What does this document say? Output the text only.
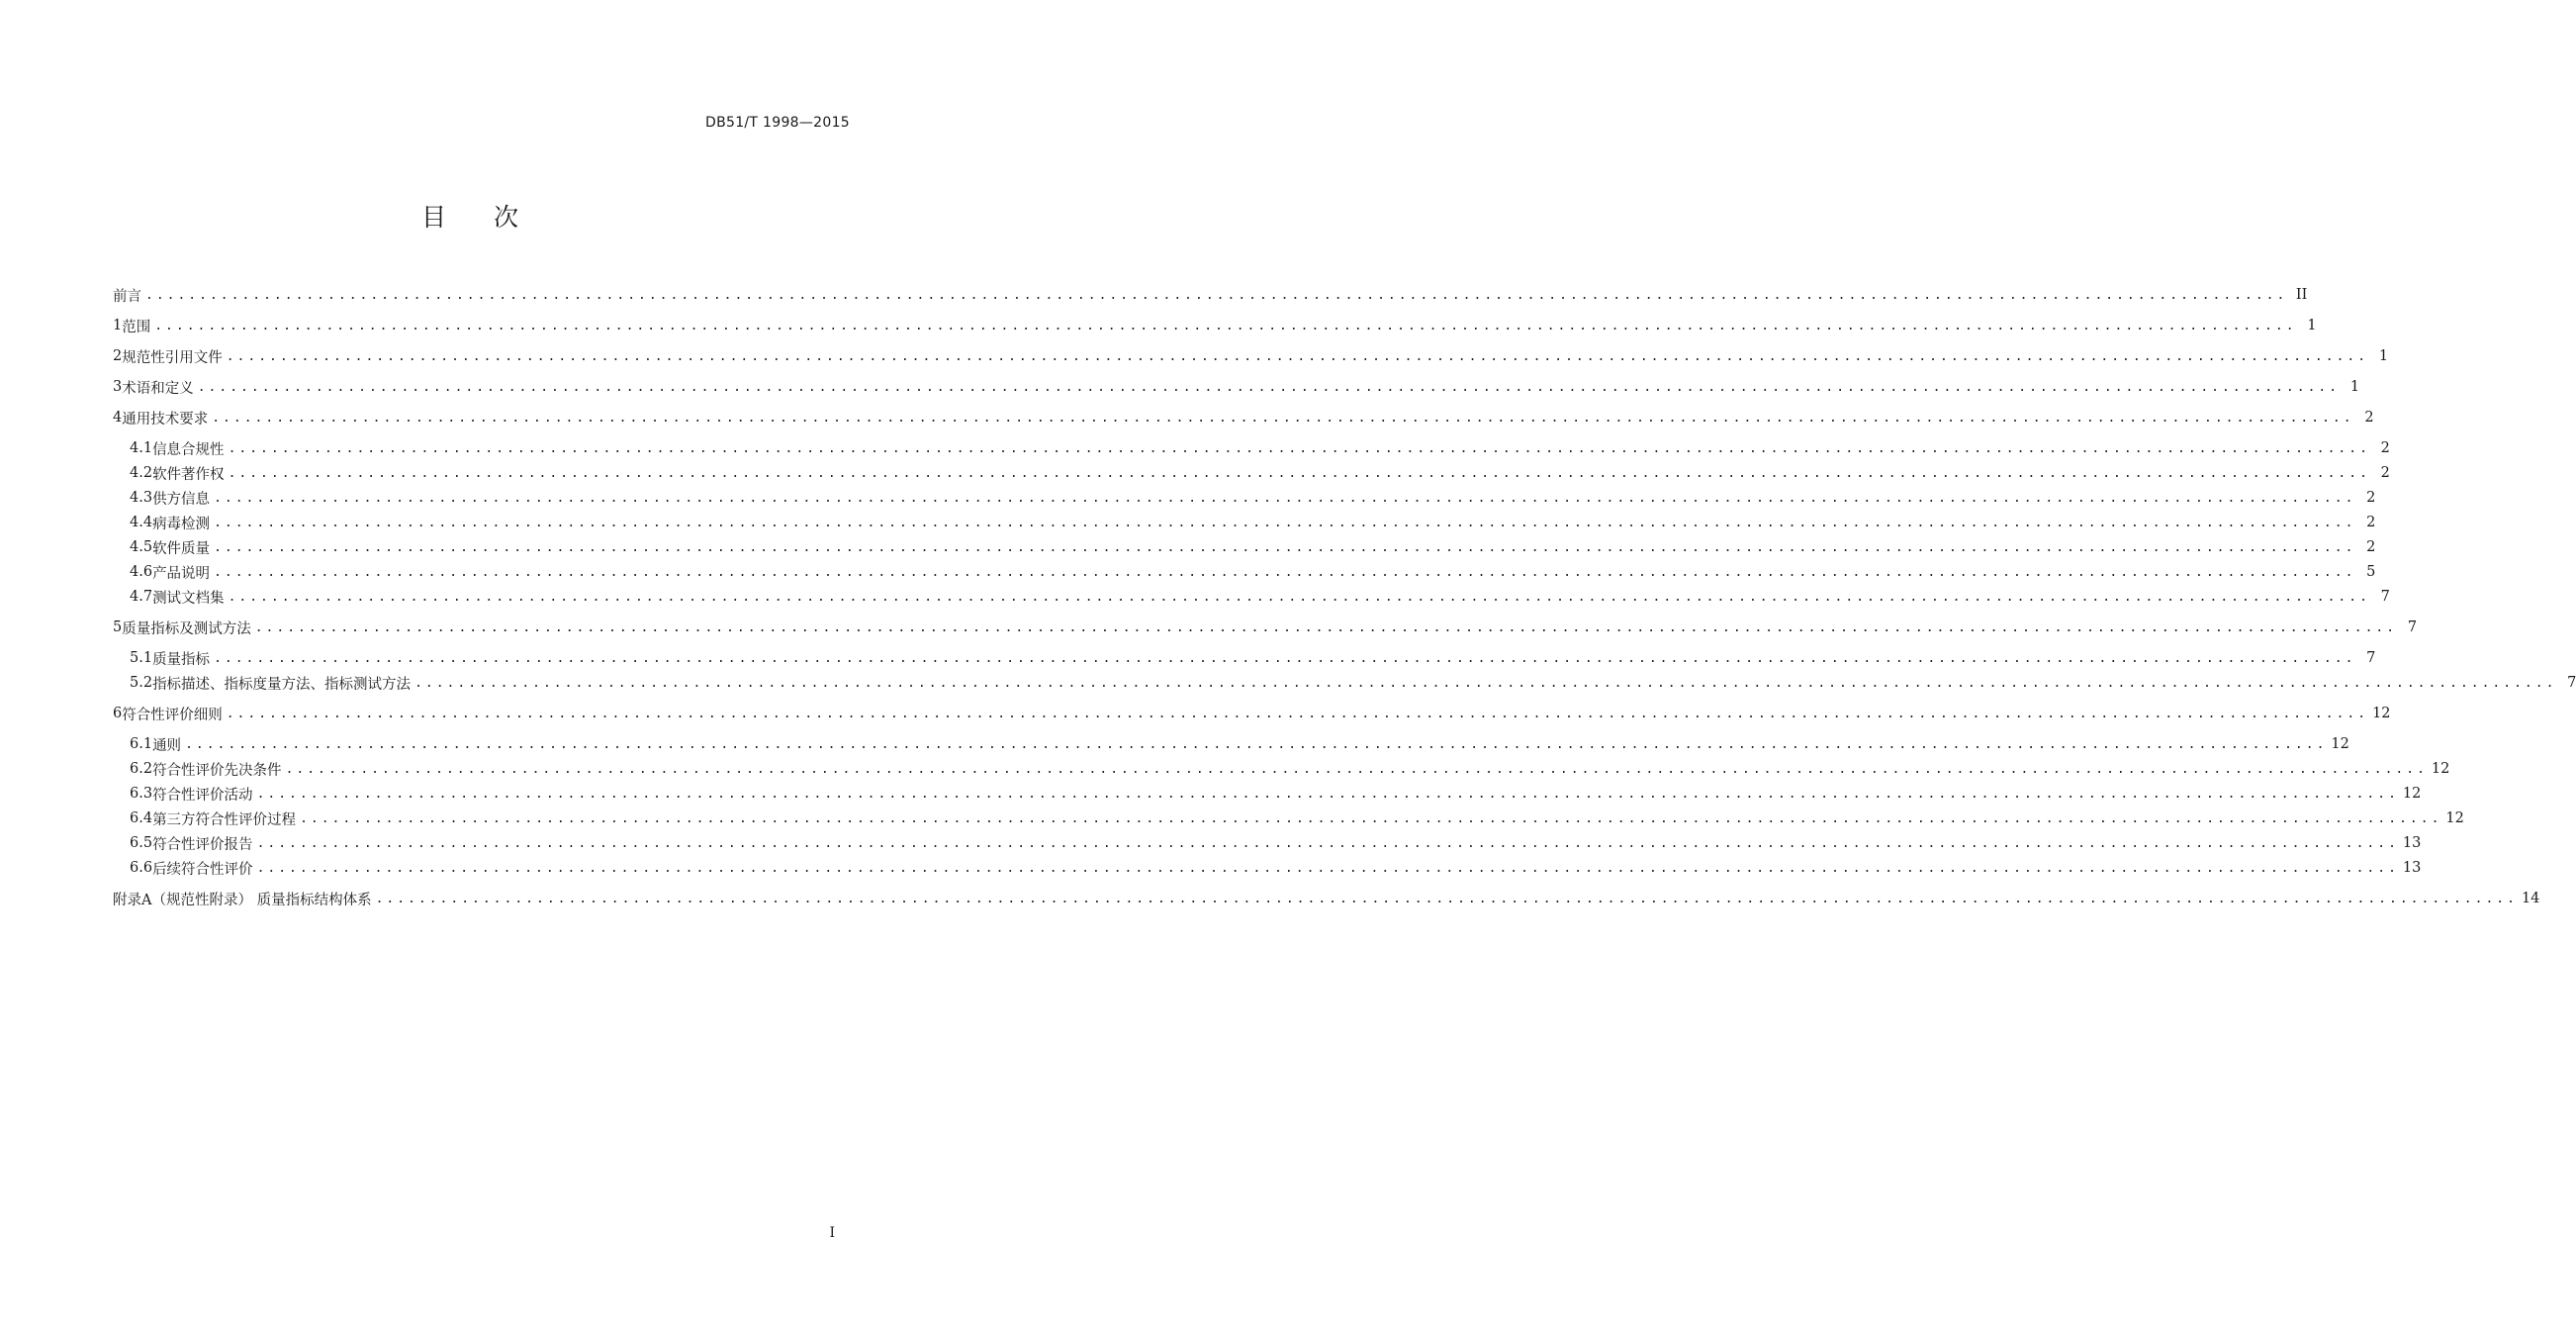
DB51/T 1998—2015
目 次
前言 ........................................................................................................................................................................................................ II
1 范围 ........................................................................................................................................................................................................ 1
2 规范性引用文件 ........................................................................................................................................................................................................ 1
3 术语和定义 ........................................................................................................................................................................................................ 1
4 通用技术要求 ........................................................................................................................................................................................................ 2
4.1 信息合规性 ........................................................................................................................................................................................................ 2
4.2 软件著作权 ........................................................................................................................................................................................................ 2
4.3 供方信息 ........................................................................................................................................................................................................ 2
4.4 病毒检测 ........................................................................................................................................................................................................ 2
4.5 软件质量 ........................................................................................................................................................................................................ 2
4.6 产品说明 ........................................................................................................................................................................................................ 5
4.7 测试文档集 ........................................................................................................................................................................................................ 7
5 质量指标及测试方法 ........................................................................................................................................................................................................ 7
5.1 质量指标 ........................................................................................................................................................................................................ 7
5.2 指标描述、指标度量方法、指标测试方法 ........................................................................................................................................................................................................ 7
6 符合性评价细则 ........................................................................................................................................................................................................ 12
6.1 通则 ........................................................................................................................................................................................................ 12
6.2 符合性评价先决条件 ........................................................................................................................................................................................................ 12
6.3 符合性评价活动 ........................................................................................................................................................................................................ 12
6.4 第三方符合性评价过程 ........................................................................................................................................................................................................ 12
6.5 符合性评价报告 ........................................................................................................................................................................................................ 13
6.6 后续符合性评价 ........................................................................................................................................................................................................ 13
附录A（规范性附录） 质量指标结构体系 ........................................................................................................................................................................................................ 14
I
